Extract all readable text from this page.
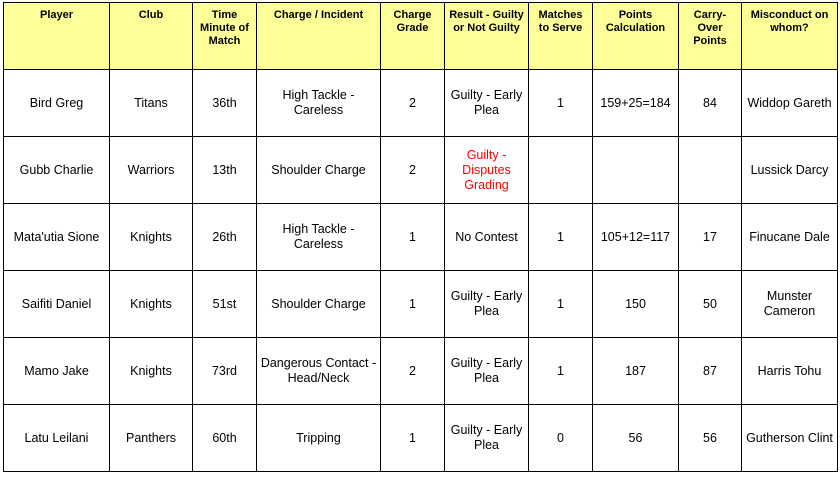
Player	Club	Time Minute of Match	Charge / Incident	Charge Grade	Result - Guilty or Not Guilty	Matches to Serve	Points Calculation	Carry-Over Points	Misconduct on whom?
Bird Greg	Titans	36th	High Tackle - Careless	2	Guilty - Early Plea	1	159+25=184	84	Widdop Gareth
Gubb Charlie	Warriors	13th	Shoulder Charge	2	Guilty - Disputes Grading				Lussick Darcy
Mata'utia Sione	Knights	26th	High Tackle - Careless	1	No Contest	1	105+12=117	17	Finucane Dale
Saifiti Daniel	Knights	51st	Shoulder Charge	1	Guilty - Early Plea	1	150	50	Munster Cameron
Mamo Jake	Knights	73rd	Dangerous Contact - Head/Neck	2	Guilty - Early Plea	1	187	87	Harris Tohu
Latu Leilani	Panthers	60th	Tripping	1	Guilty - Early Plea	0	56	56	Gutherson Clint
